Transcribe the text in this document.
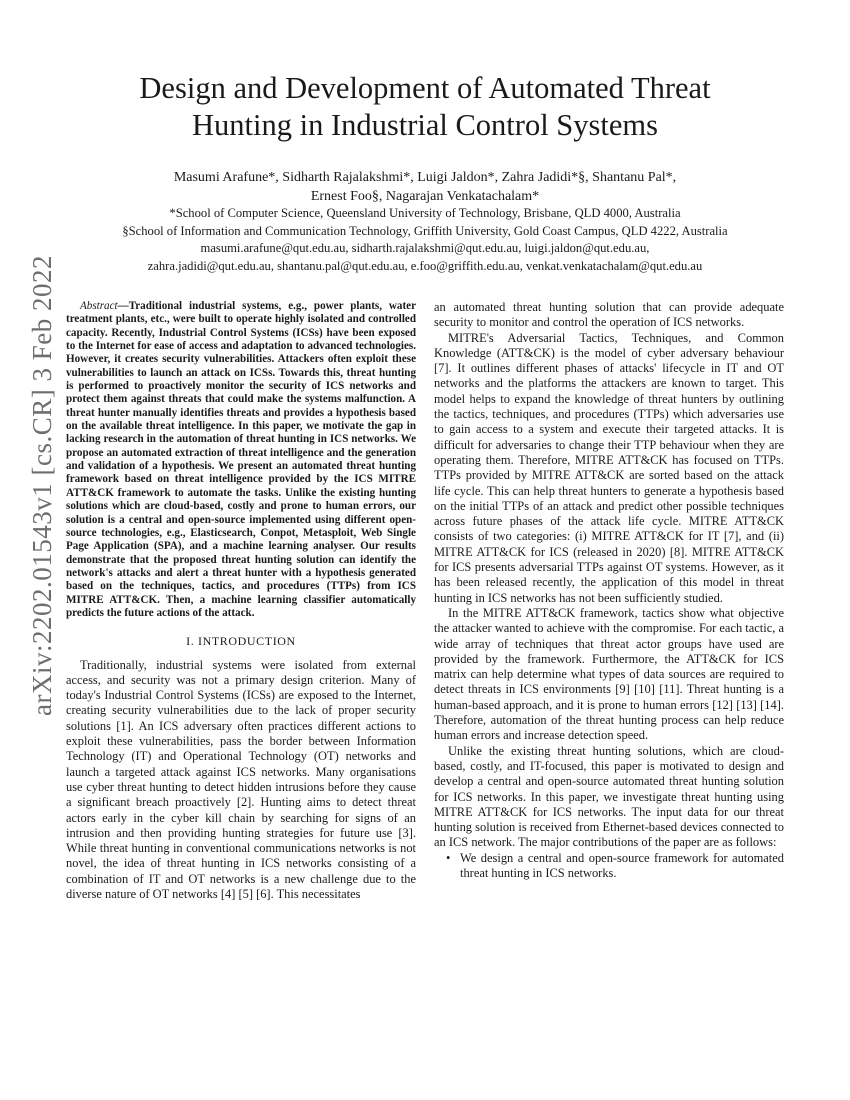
arXiv:2202.01543v1 [cs.CR] 3 Feb 2022
Design and Development of Automated Threat
Hunting in Industrial Control Systems
Masumi Arafune*, Sidharth Rajalakshmi*, Luigi Jaldon*, Zahra Jadidi*§, Shantanu Pal*,
Ernest Foo§, Nagarajan Venkatachalam*
*School of Computer Science, Queensland University of Technology, Brisbane, QLD 4000, Australia
§School of Information and Communication Technology, Griffith University, Gold Coast Campus, QLD 4222, Australia
masumi.arafune@qut.edu.au, sidharth.rajalakshmi@qut.edu.au, luigi.jaldon@qut.edu.au,
zahra.jadidi@qut.edu.au, shantanu.pal@qut.edu.au, e.foo@griffith.edu.au, venkat.venkatachalam@qut.edu.au

Abstract—Traditional industrial systems, e.g., power plants, water treatment plants, etc., were built to operate highly isolated and controlled capacity. Recently, Industrial Control Systems (ICSs) have been exposed to the Internet for ease of access and adaptation to advanced technologies. However, it creates security vulnerabilities. Attackers often exploit these vulnerabilities to launch an attack on ICSs. Towards this, threat hunting is performed to proactively monitor the security of ICS networks and protect them against threats that could make the systems malfunction. A threat hunter manually identifies threats and provides a hypothesis based on the available threat intelligence. In this paper, we motivate the gap in lacking research in the automation of threat hunting in ICS networks. We propose an automated extraction of threat intelligence and the generation and validation of a hypothesis. We present an automated threat hunting framework based on threat intelligence provided by the ICS MITRE ATT&CK framework to automate the tasks. Unlike the existing hunting solutions which are cloud-based, costly and prone to human errors, our solution is a central and open-source implemented using different open-source technologies, e.g., Elasticsearch, Conpot, Metasploit, Web Single Page Application (SPA), and a machine learning analyser. Our results demonstrate that the proposed threat hunting solution can identify the network's attacks and alert a threat hunter with a hypothesis generated based on the techniques, tactics, and procedures (TTPs) from ICS MITRE ATT&CK. Then, a machine learning classifier automatically predicts the future actions of the attack.

I. INTRODUCTION

Traditionally, industrial systems were isolated from external access, and security was not a primary design criterion. Many of today's Industrial Control Systems (ICSs) are exposed to the Internet, creating security vulnerabilities due to the lack of proper security solutions [1]. An ICS adversary often practices different actions to exploit these vulnerabilities, pass the border between Information Technology (IT) and Operational Technology (OT) networks and launch a targeted attack against ICS networks. Many organisations use cyber threat hunting to detect hidden intrusions before they cause a significant breach proactively [2]. Hunting aims to detect threat actors early in the cyber kill chain by searching for signs of an intrusion and then providing hunting strategies for future use [3]. While threat hunting in conventional communications networks is not novel, the idea of threat hunting in ICS networks consisting of a combination of IT and OT networks is a new challenge due to the diverse nature of OT networks [4] [5] [6]. This necessitates

an automated threat hunting solution that can provide adequate security to monitor and control the operation of ICS networks.

MITRE's Adversarial Tactics, Techniques, and Common Knowledge (ATT&CK) is the model of cyber adversary behaviour [7]. It outlines different phases of attacks' lifecycle in IT and OT networks and the platforms the attackers are known to target. This model helps to expand the knowledge of threat hunters by outlining the tactics, techniques, and procedures (TTPs) which adversaries use to gain access to a system and execute their targeted attacks. It is difficult for adversaries to change their TTP behaviour when they are operating them. Therefore, MITRE ATT&CK has focused on TTPs. TTPs provided by MITRE ATT&CK are sorted based on the attack life cycle. This can help threat hunters to generate a hypothesis based on the initial TTPs of an attack and predict other possible techniques across future phases of the attack life cycle. MITRE ATT&CK consists of two categories: (i) MITRE ATT&CK for IT [7], and (ii) MITRE ATT&CK for ICS (released in 2020) [8]. MITRE ATT&CK for ICS presents adversarial TTPs against OT systems. However, as it has been released recently, the application of this model in threat hunting in ICS networks has not been sufficiently studied.

In the MITRE ATT&CK framework, tactics show what objective the attacker wanted to achieve with the compromise. For each tactic, a wide array of techniques that threat actor groups have used are provided by the framework. Furthermore, the ATT&CK for ICS matrix can help determine what types of data sources are required to detect threats in ICS environments [9] [10] [11]. Threat hunting is a human-based approach, and it is prone to human errors [12] [13] [14]. Therefore, automation of the threat hunting process can help reduce human errors and increase detection speed.

Unlike the existing threat hunting solutions, which are cloud-based, costly, and IT-focused, this paper is motivated to design and develop a central and open-source automated threat hunting solution for ICS networks. In this paper, we investigate threat hunting using MITRE ATT&CK for ICS networks. The input data for our threat hunting solution is received from Ethernet-based devices connected to an ICS network. The major contributions of the paper are as follows:

• We design a central and open-source framework for automated threat hunting in ICS networks.
